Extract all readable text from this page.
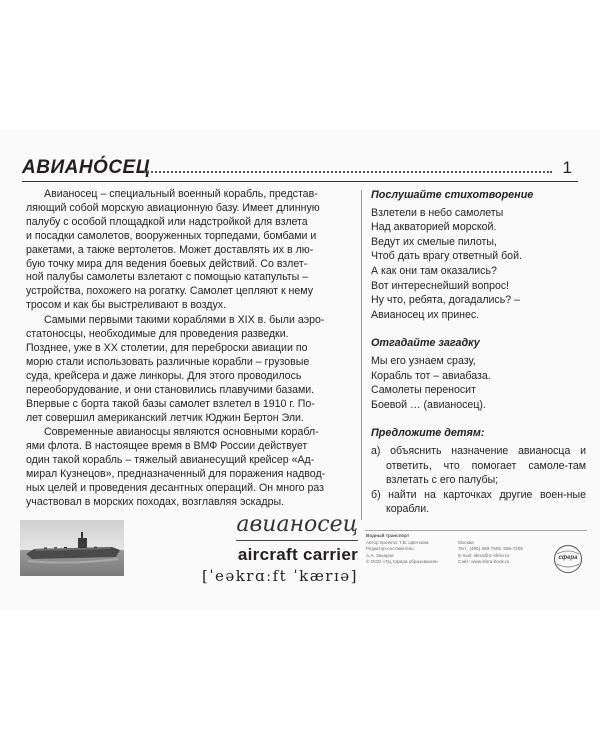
АВИАНО́СЕЦ	1

Авианосец – специальный военный корабль, представ-
ляющий собой морскую авиационную базу. Имеет длинную
палубу с особой площадкой или надстройкой для взлета
и посадки самолетов, вооруженных торпедами, бомбами и
ракетами, а также вертолетов. Может доставлять их в лю-
бую точку мира для ведения боевых действий. Со взлет-
ной палубы самолеты взлетают с помощью катапульты –
устройства, похожего на рогатку. Самолет цепляют к нему
тросом и как бы выстреливают в воздух.

Самыми первыми такими кораблями в XIX в. были аэро-
статоносцы, необходимые для проведения разведки.
Позднее, уже в XX столетии, для переброски авиации по
морю стали использовать различные корабли – грузовые
суда, крейсера и даже линкоры. Для этого проводилось
переоборудование, и они становились плавучими базами.
Впервые с борта такой базы самолет взлетел в 1910 г. По-
лет совершил американский летчик Юджин Бертон Эли.

Современные авианосцы являются основными корабл-
ями флота. В настоящее время в ВМФ России действует
один такой корабль – тяжелый авианесущий крейсер «Ад-
мирал Кузнецов», предназначенный для поражения надвод-
ных целей и проведения десантных операций. Он много раз
участвовал в морских походах, возглавляя эскадры.

Послушайте стихотворение
Взлетели в небо самолеты
Над акваторией морской.
Ведут их смелые пилоты,
Чтоб дать врагу ответный бой.
А как они там оказались?
Вот интереснейший вопрос!
Ну что, ребята, догадались? –
Авианосец их принес.
Отгадайте загадку
Мы его узнаем сразу,
Корабль тот – авиабаза.
Самолеты переносит
Боевой … (авианосец).
Предложите детям:
а) объяснить назначение авианосца и ответить, что помогает самоле-там взлетать с его палубы;
б) найти на карточках другие воен-ные корабли.
авианосец
aircraft carrier
[ˈeəkrɑːft ˈkærɪə]
Водный транспорт
Автор проекта: Т.В. Цветкова
Редактор-составитель:
А.А. Захаров
© ООО «ТЦ Сфера образования»
Москва
Тел.: (495) 656-7505, 656-7205
E-mail: sfera@tc-sfera.ru
Сайт: www.sfera-book.ru
сфера
